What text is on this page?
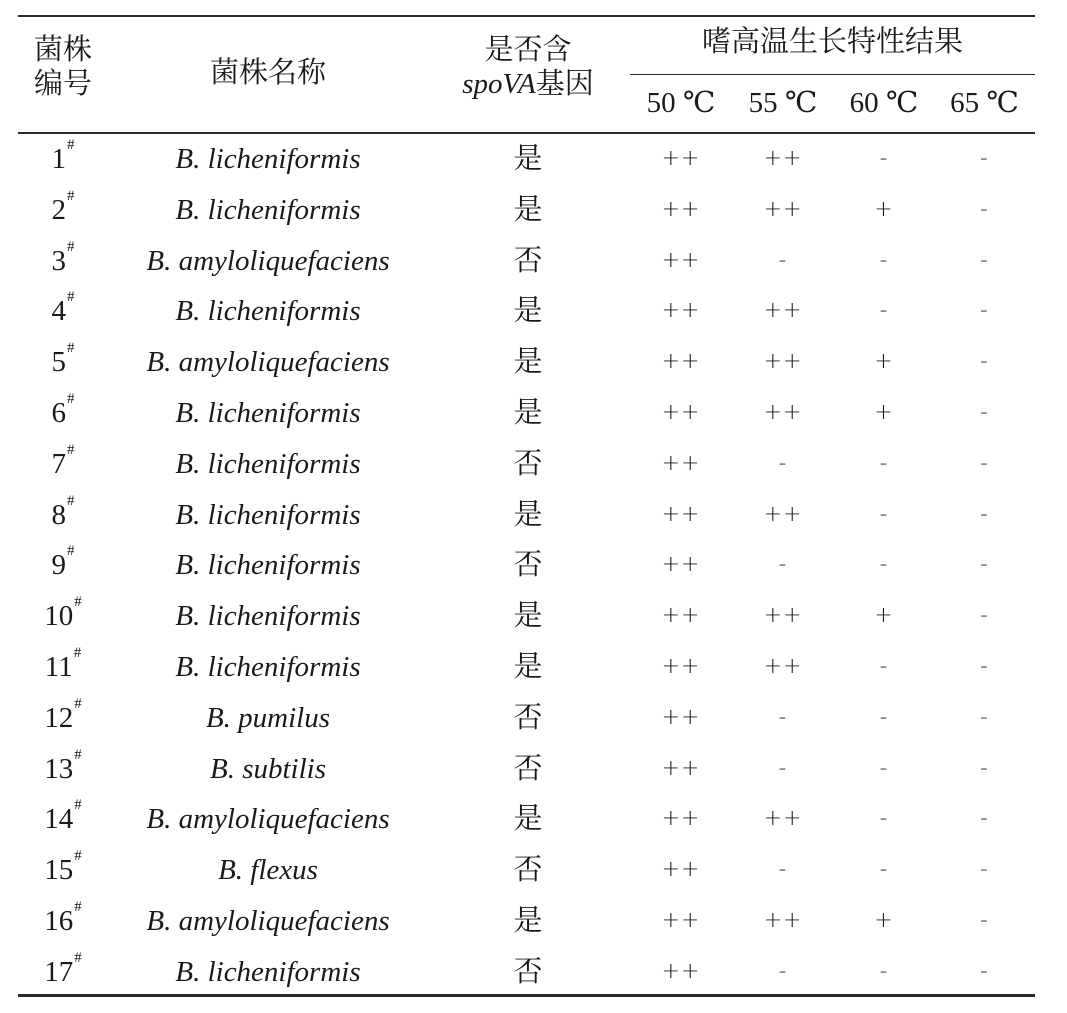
菌株
编号	菌株名称
是否含
spoVA基因
嗜高温生长特性结果
50 ℃	55 ℃	60 ℃	65 ℃
1#	B. licheniformis	是	++	++	-	-
2#	B. licheniformis	是	++	++	+	-
3#	B. amyloliquefaciens	否	++	-	-	-
4#	B. licheniformis	是	++	++	-	-
5#	B. amyloliquefaciens	是	++	++	+	-
6#	B. licheniformis	是	++	++	+	-
7#	B. licheniformis	否	++	-	-	-
8#	B. licheniformis	是	++	++	-	-
9#	B. licheniformis	否	++	-	-	-
10#	B. licheniformis	是	++	++	+	-
11#	B. licheniformis	是	++	++	-	-
12#	B. pumilus	否	++	-	-	-
13#	B. subtilis	否	++	-	-	-
14#	B. amyloliquefaciens	是	++	++	-	-
15#	B. flexus	否	++	-	-	-
16#	B. amyloliquefaciens	是	++	++	+	-
17#	B. licheniformis	否	++	-	-	-
